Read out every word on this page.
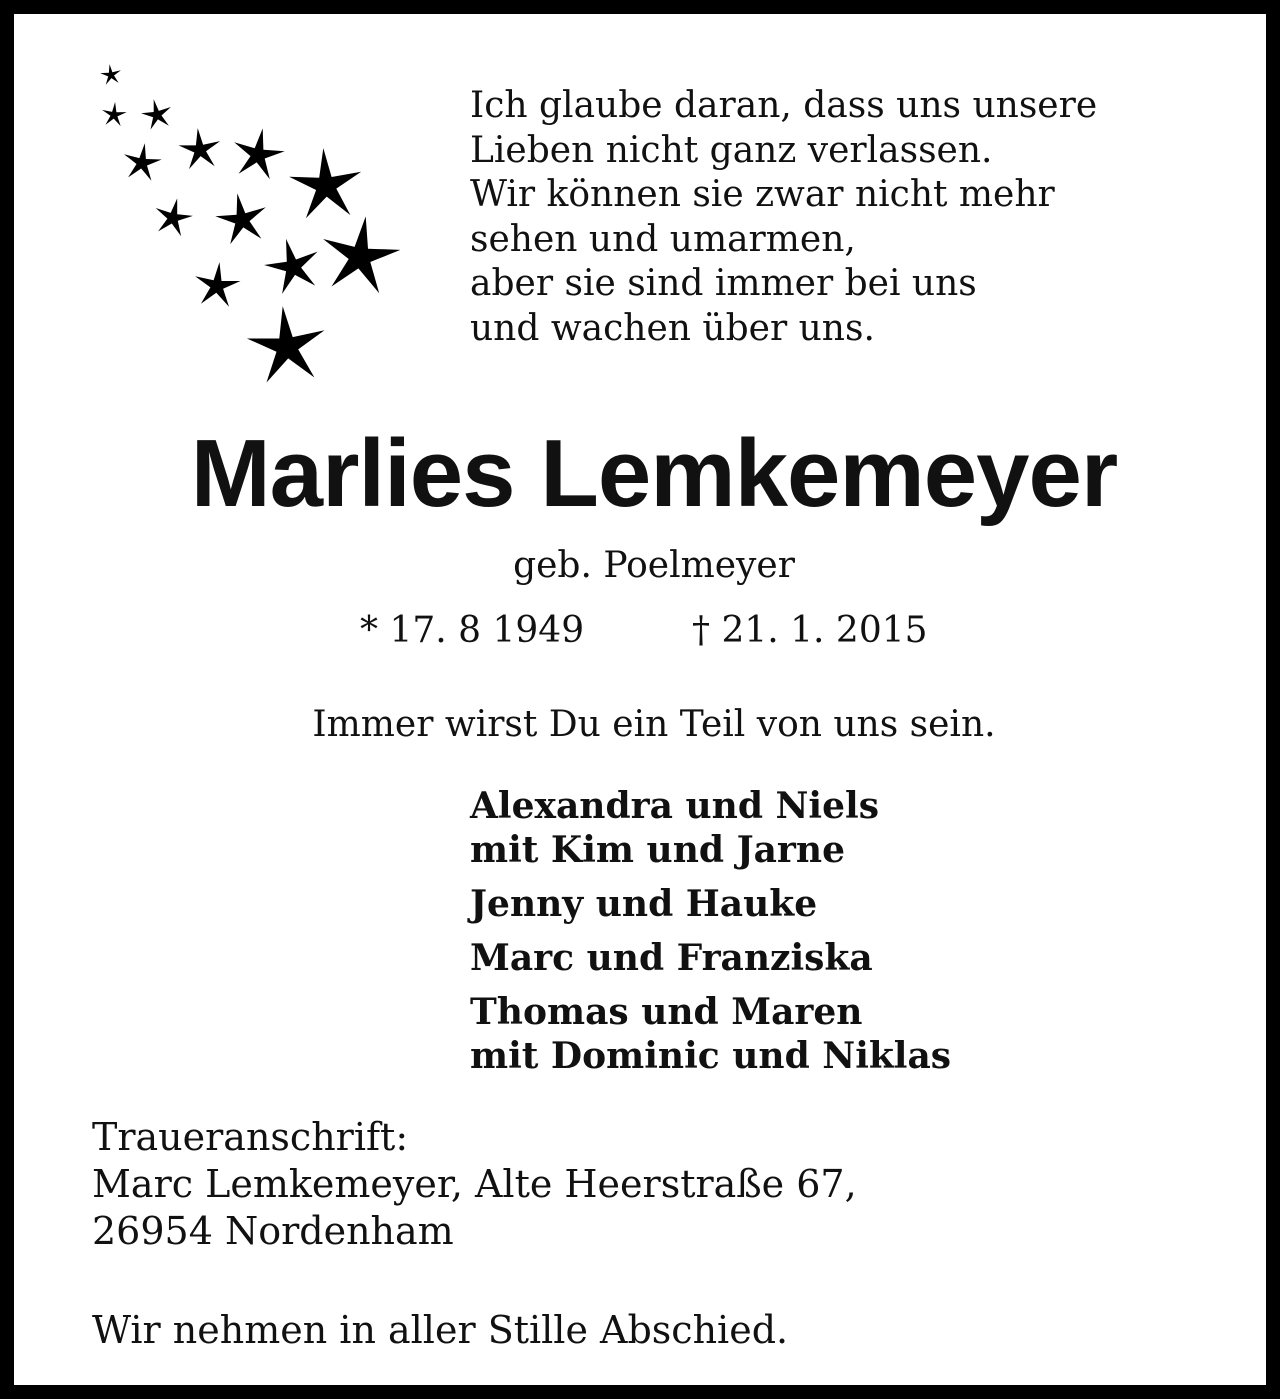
Ich glaube daran, dass uns unsere
Lieben nicht ganz verlassen.
Wir können sie zwar nicht mehr
sehen und umarmen,
aber sie sind immer bei uns
und wachen über uns.
Marlies Lemkemeyer
geb. Poelmeyer
* 17. 8 1949	† 21. 1. 2015
Immer wirst Du ein Teil von uns sein.
Alexandra und Niels
mit Kim und Jarne
Jenny und Hauke
Marc und Franziska
Thomas und Maren
mit Dominic und Niklas
Traueranschrift:
Marc Lemkemeyer, Alte Heerstraße 67,
26954 Nordenham
Wir nehmen in aller Stille Abschied.
